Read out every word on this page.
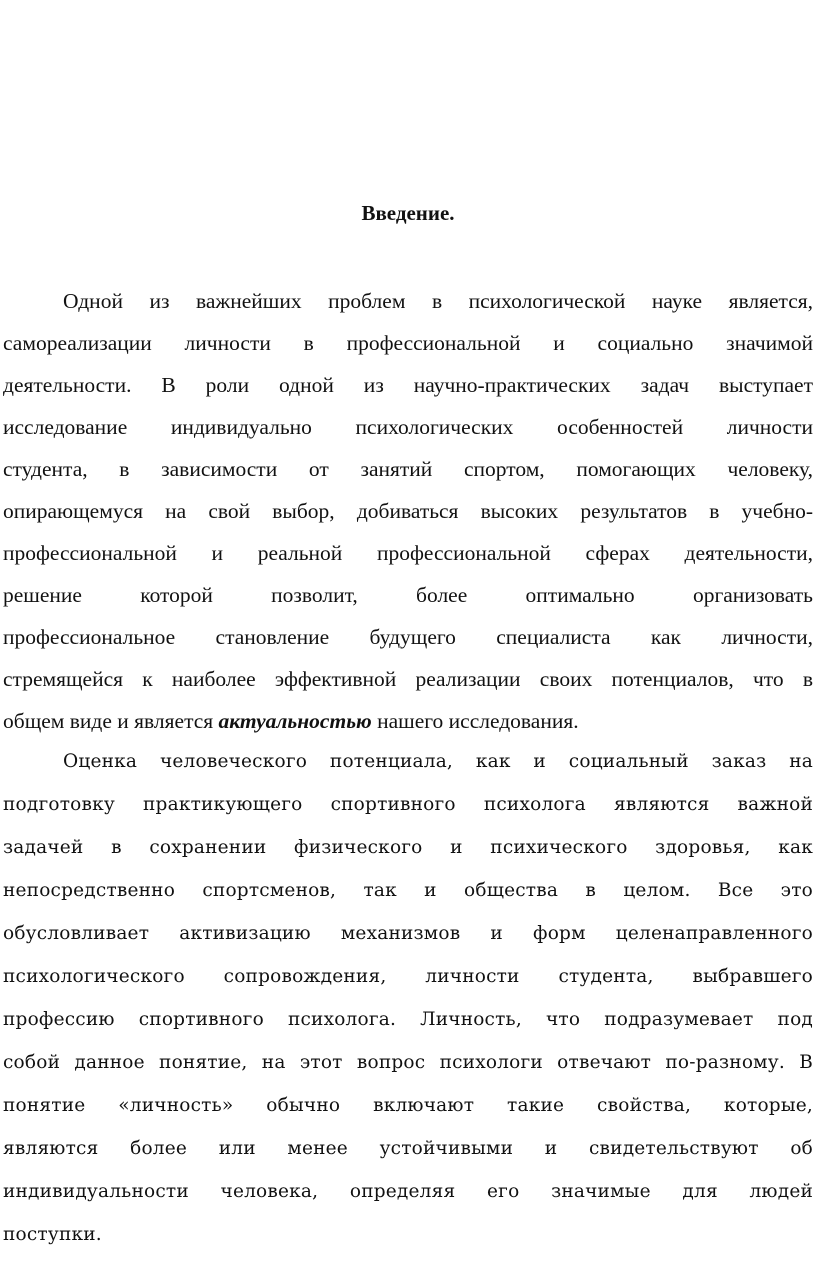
Введение.
Одной из важнейших проблем в психологической науке является,
самореализации личности в профессиональной и социально значимой
деятельности. В роли одной из научно-практических задач выступает
исследование индивидуально психологических особенностей личности
студента, в зависимости от занятий спортом, помогающих человеку,
опирающемуся на свой выбор, добиваться высоких результатов в учебно-
профессиональной и реальной профессиональной сферах деятельности,
решение которой позволит, более оптимально организовать
профессиональное становление будущего специалиста как личности,
стремящейся к наиболее эффективной реализации своих потенциалов, что в
общем виде и является актуальностью нашего исследования.
Оценка человеческого потенциала, как и социальный заказ на
подготовку практикующего спортивного психолога являются важной
задачей в сохранении физического и психического здоровья, как
непосредственно спортсменов, так и общества в целом. Все это
обусловливает активизацию механизмов и форм целенаправленного
психологического сопровождения, личности студента, выбравшего
профессию спортивного психолога. Личность, что подразумевает под
собой данное понятие, на этот вопрос психологи отвечают по-разному. В
понятие «личность» обычно включают такие свойства, которые,
являются более или менее устойчивыми и свидетельствуют об
индивидуальности человека, определяя его значимые для людей
поступки.
